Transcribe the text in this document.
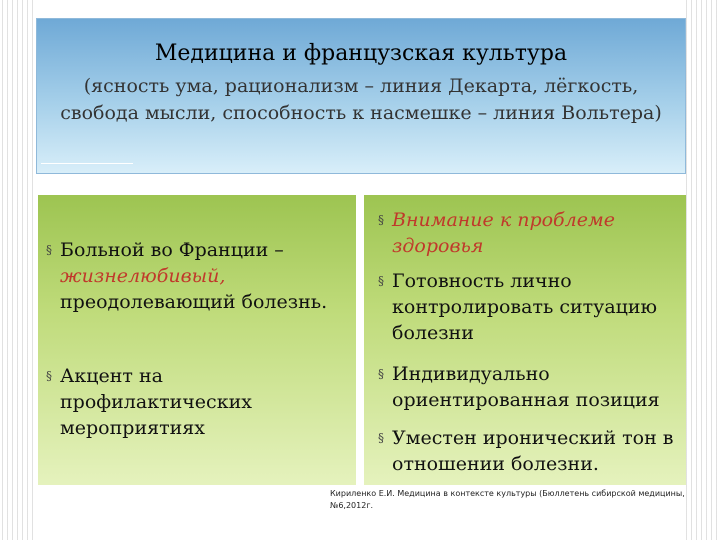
Медицина и французская культура
(ясность ума, рационализм – линия Декарта, лёгкость, свобода мысли, способность к насмешке – линия Вольтера)
§ Больной во Франции – жизнелюбивый, преодолевающий болезнь.
§ Акцент на профилактических мероприятиях
§ Внимание к проблеме здоровья
§ Готовность лично контролировать ситуацию болезни
§ Индивидуально ориентированная позиция
§ Уместен иронический тон в отношении болезни.
Кириленко Е.И. Медицина в контексте культуры (Бюллетень сибирской медицины, №6,2012г.
